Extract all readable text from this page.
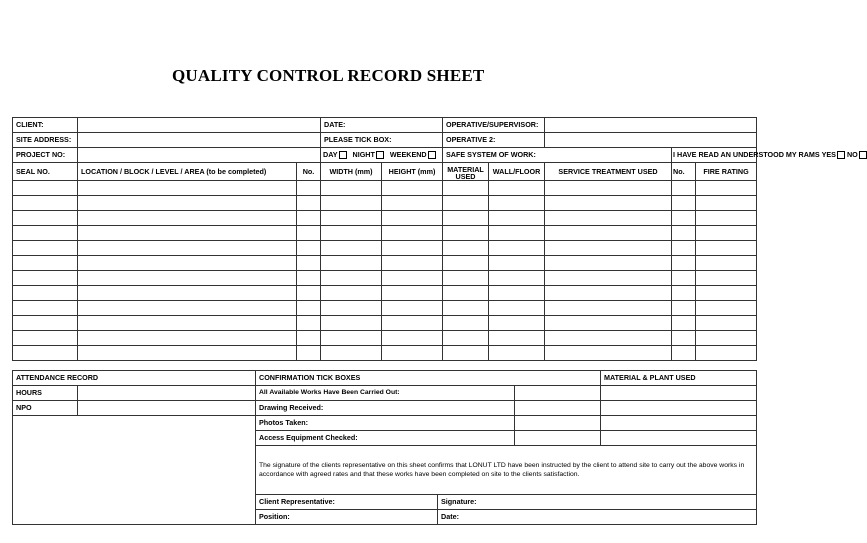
QUALITY CONTROL RECORD SHEET
CLIENT:			DATE:		OPERATIVE/SUPERVISOR:				
SITE ADDRESS:			PLEASE TICK BOX:		OPERATIVE 2:				
PROJECT NO:			DAY NIGHT WEEKEND		SAFE SYSTEM OF WORK:			I HAVE READ AN UNDERSTOOD MY RAMS YES NO	
SEAL NO.	LOCATION / BLOCK / LEVEL / AREA (to be completed)	No.	WIDTH (mm)	HEIGHT (mm)	MATERIAL USED	WALL/FLOOR	SERVICE TREATMENT USED	No.	FIRE RATING

ATTENDANCE RECORD		CONFIRMATION TICK BOXES			MATERIAL & PLANT USED
HOURS		All Available Works Have Been Carried Out:			
NPO		Drawing Received:			
		Photos Taken:			
		Access Equipment Checked:			
		The signature of the clients representative on this sheet confirms that LONUT LTD have been instructed by the client to attend site to carry out the above works in accordance with agreed rates and that these works have been completed on site to the clients satisfaction.			
		Client Representative:	Signature:		
		Position:	Date:		
